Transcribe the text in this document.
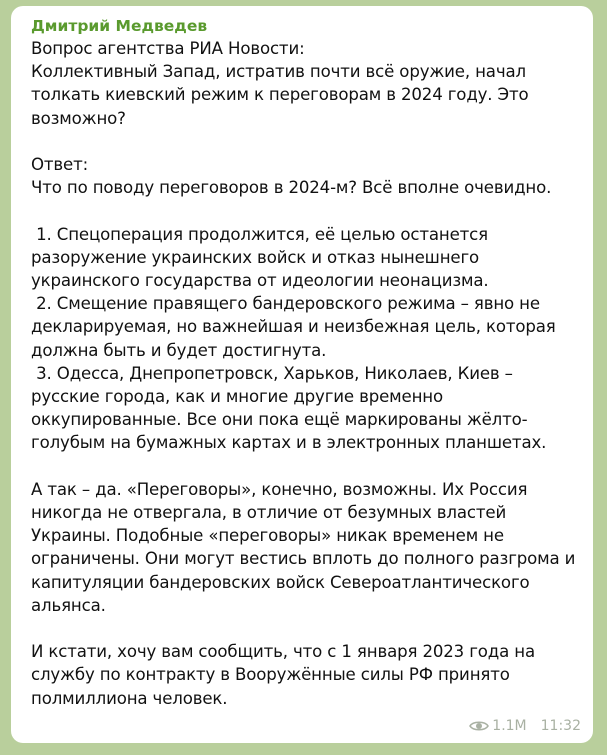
Дмитрий Медведев
Вопрос агентства РИА Новости:
Коллективный Запад, истратив почти всё оружие, начал толкать киевский режим к переговорам в 2024 году. Это возможно?
Ответ:
Что по поводу переговоров в 2024-м? Всё вполне очевидно.
1. Спецоперация продолжится, её целью останется разоружение украинских войск и отказ нынешнего украинского государства от идеологии неонацизма.
2. Смещение правящего бандеровского режима – явно не декларируемая, но важнейшая и неизбежная цель, которая должна быть и будет достигнута.
3. Одесса, Днепропетровск, Харьков, Николаев, Киев – русские города, как и многие другие временно оккупированные. Все они пока ещё маркированы жёлто-голубым на бумажных картах и в электронных планшетах.
А так – да. «Переговоры», конечно, возможны. Их Россия никогда не отвергала, в отличие от безумных властей Украины. Подобные «переговоры» никак временем не ограничены. Они могут вестись вплоть до полного разгрома и капитуляции бандеровских войск Североатлантического альянса.
И кстати, хочу вам сообщить, что с 1 января 2023 года на службу по контракту в Вооружённые силы РФ принято полмиллиона человек.
1.1M 11:32
